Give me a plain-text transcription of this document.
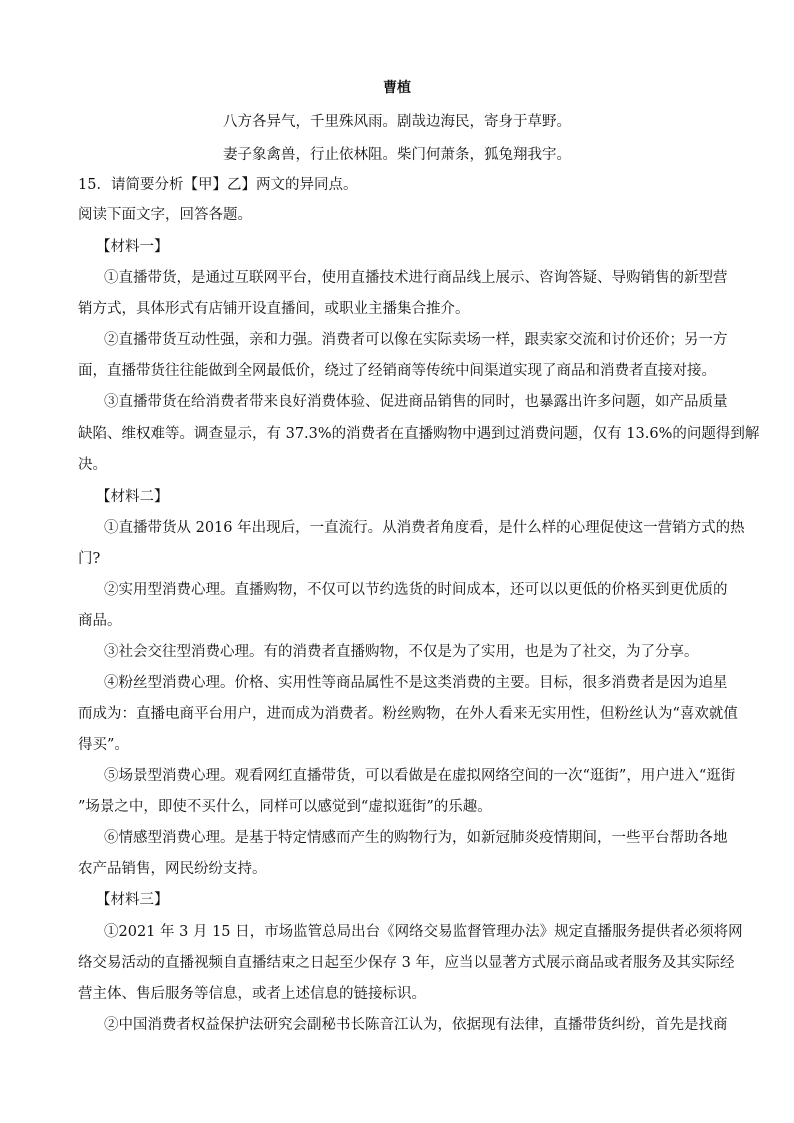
曹植
八方各异气，千里殊风雨。剧哉边海民，寄身于草野。
妻子象禽兽，行止依林阻。柴门何萧条，狐兔翔我宇。
15．请简要分析【甲】乙】两文的异同点。
阅读下面文字，回答各题。
【材料一】
①直播带货，是通过互联网平台，使用直播技术进行商品线上展示、咨询答疑、导购销售的新型营
销方式，具体形式有店铺开设直播间，或职业主播集合推介。
②直播带货互动性强，亲和力强。消费者可以像在实际卖场一样，跟卖家交流和讨价还价；另一方
面，直播带货往往能做到全网最低价，绕过了经销商等传统中间渠道实现了商品和消费者直接对接。
③直播带货在给消费者带来良好消费体验、促进商品销售的同时，也暴露出许多问题，如产品质量
缺陷、维权难等。调查显示，有 37.3%的消费者在直播购物中遇到过消费问题，仅有 13.6%的问题得到解
决。
【材料二】
①直播带货从 2016 年出现后，一直流行。从消费者角度看，是什么样的心理促使这一营销方式的热
门?
②实用型消费心理。直播购物，不仅可以节约选货的时间成本，还可以以更低的价格买到更优质的
商品。
③社会交往型消费心理。有的消费者直播购物，不仅是为了实用，也是为了社交，为了分享。
④粉丝型消费心理。价格、实用性等商品属性不是这类消费的主要。目标，很多消费者是因为追星
而成为：直播电商平台用户，进而成为消费者。粉丝购物，在外人看来无实用性，但粉丝认为“喜欢就值
得买”。
⑤场景型消费心理。观看网红直播带货，可以看做是在虚拟网络空间的一次“逛街”，用户进入“逛街
”场景之中，即使不买什么，同样可以感觉到“虚拟逛街”的乐趣。
⑥情感型消费心理。是基于特定情感而产生的购物行为，如新冠肺炎疫情期间，一些平台帮助各地
农产品销售，网民纷纷支持。
【材料三】
①2021 年 3 月 15 日，市场监管总局出台《网络交易监督管理办法》规定直播服务提供者必须将网
络交易活动的直播视频自直播结束之日起至少保存 3 年，应当以显著方式展示商品或者服务及其实际经
营主体、售后服务等信息，或者上述信息的链接标识。
②中国消费者权益保护法研究会副秘书长陈音江认为，依据现有法律，直播带货纠纷，首先是找商
